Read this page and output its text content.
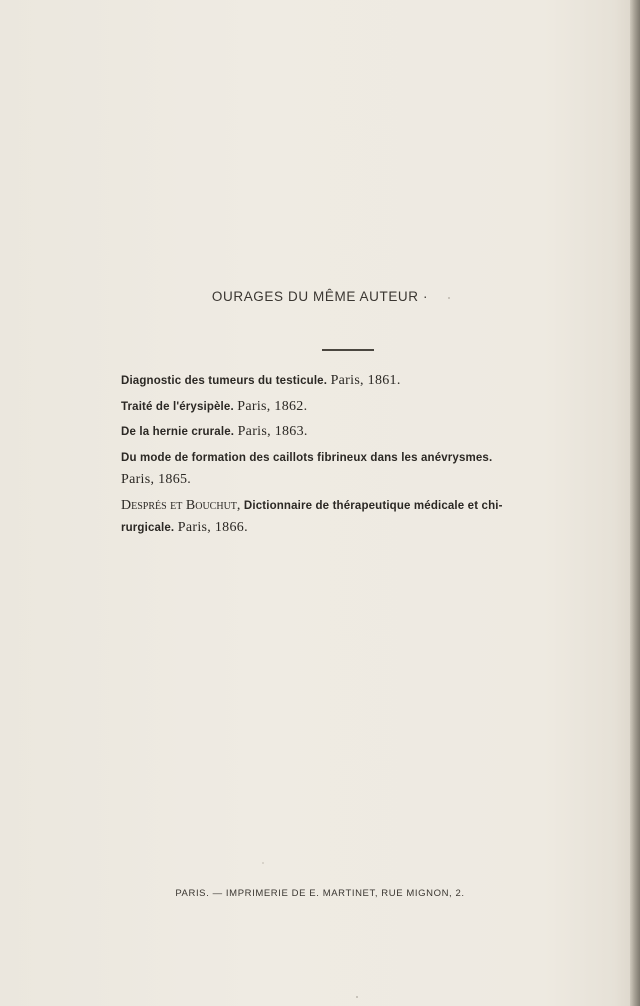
OURAGES DU MÊME AUTEUR ·
Diagnostic des tumeurs du testicule. Paris, 1861.
Traité de l'érysipèle. Paris, 1862.
De la hernie crurale. Paris, 1863.
Du mode de formation des caillots fibrineux dans les anévrysmes.
Paris, 1865.
Després et Bouchut, Dictionnaire de thérapeutique médicale et chi-
rurgicale. Paris, 1866.
PARIS. — IMPRIMERIE DE E. MARTINET, RUE MIGNON, 2.
